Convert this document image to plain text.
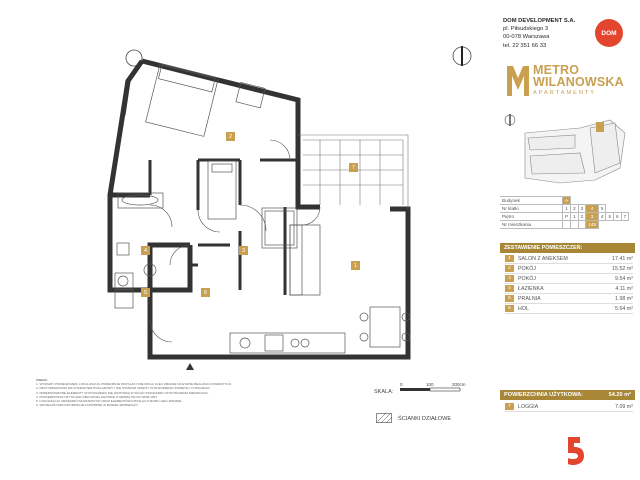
2
7
4	3
1
5	6
DOM DEVELOPMENT S.A.
pl. Piłsudskiego 3
00-078 Warszawa
tel. 22 351 66 33
DOM
METRO
WILANOWSKA
APARTAMENTY
Budynek	A							
Nr klatki	1	2	3	4	5			
Piętro	P	1	2	3	4	5	6	7
Nr mieszkania				148				
ZESTAWIENIE POMIESZCZEŃ:
1	SALON Z ANEKSEM	17.41 m²
2	POKÓJ	15.52 m²
3	POKÓJ	9.54 m²
4	ŁAZIENKA	4.11 m²
5	PRALNIA	1.98 m²
6	HOL	5.64 m²
POWIERZCHNIA UŻYTKOWA:	54.20 m²
7	LOGGIA	7.09 m²
SKALA:
0	100	200cm
ŚCIANKI DZIAŁOWE
UWAGI:
1. WYMIARY POMIESZCZEŃ, LOKALIZACJA, PRZEKROJE INSTALACYJNE MOGĄ ULEC ZMIANIE NA ETAPIE REALIZACJI INWESTYCJI.
2. RZUT MIESZKANIA MA CHARAKTER POGLĄDOWY I NIE STANOWI OFERTY W ROZUMIENIU KODEKSU CYWILNEGO.
3. PRZEDSTAWIONE ELEMENTY WYPOSAŻENIA NIE WCHODZĄ W SKŁAD STANDARDU WYKOŃCZENIA MIESZKANIA.
4. POWIERZCHNIA UŻYTKOWA OBLICZONA ZGODNIE Z NORMĄ PN-ISO 9836:1997.
5. LOKALIZACJA URZĄDZEŃ SANITARNYCH ORAZ ELEMENTÓW INSTALACJI MOŻE ULEC ZMIANIE.
6. SZCZEGÓŁOWE INFORMACJE DOSTĘPNE W BIURZE SPRZEDAŻY.
